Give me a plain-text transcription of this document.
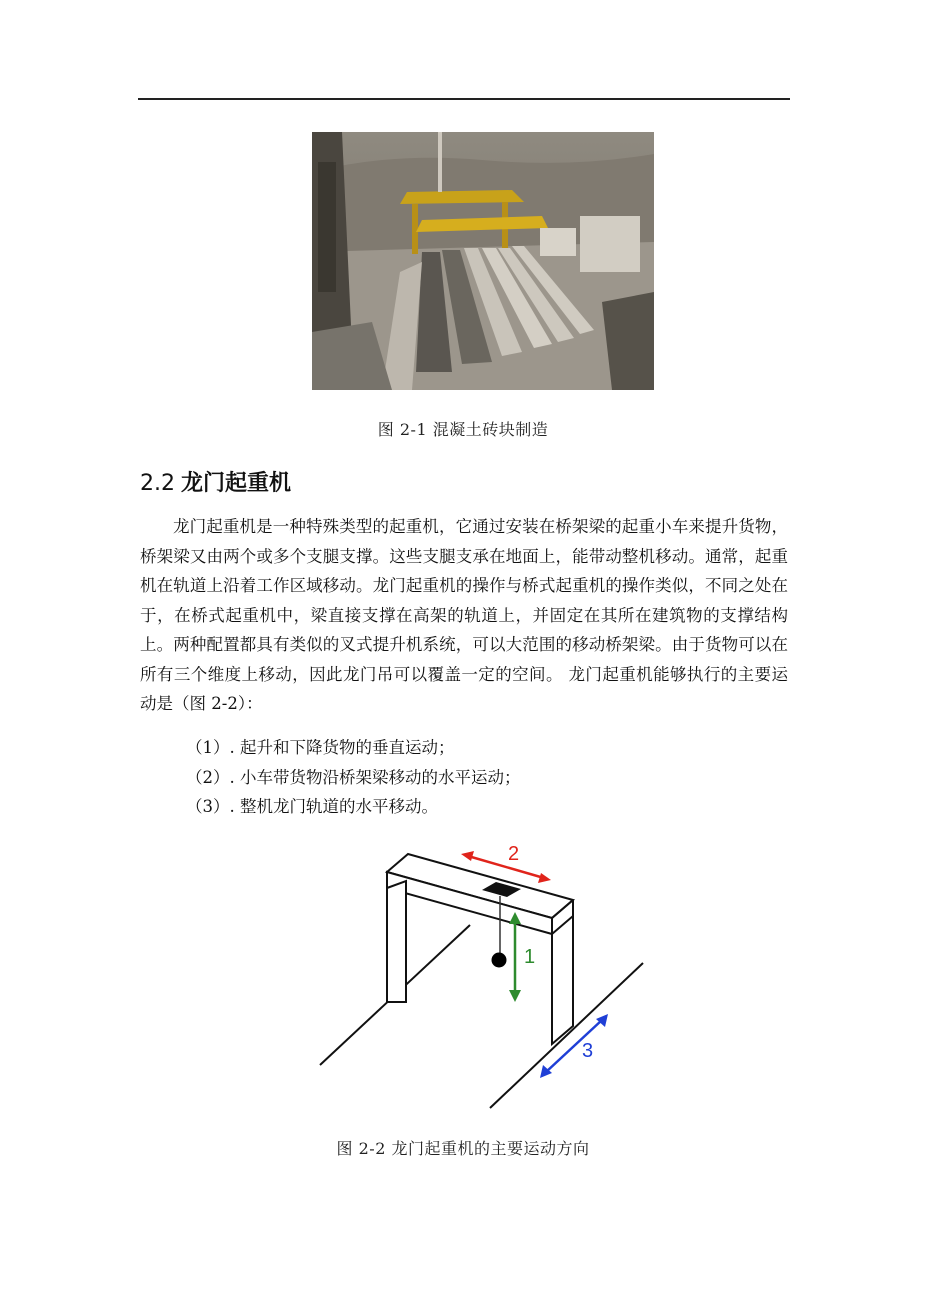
图 2-1 混凝土砖块制造
2.2 龙门起重机

龙门起重机是一种特殊类型的起重机，它通过安装在桥架梁的起重小车来提升货物，桥架梁又由两个或多个支腿支撑。这些支腿支承在地面上，能带动整机移动。通常，起重机在轨道上沿着工作区域移动。龙门起重机的操作与桥式起重机的操作类似，不同之处在于，在桥式起重机中，梁直接支撑在高架的轨道上，并固定在其所在建筑物的支撑结构上。两种配置都具有类似的叉式提升机系统，可以大范围的移动桥架梁。由于货物可以在所有三个维度上移动，因此龙门吊可以覆盖一定的空间。 龙门起重机能够执行的主要运动是（图 2-2）：

（1）. 起升和下降货物的垂直运动；
（2）. 小车带货物沿桥架梁移动的水平运动；
（3）. 整机龙门轨道的水平移动。
2
1
3
图 2-2 龙门起重机的主要运动方向
